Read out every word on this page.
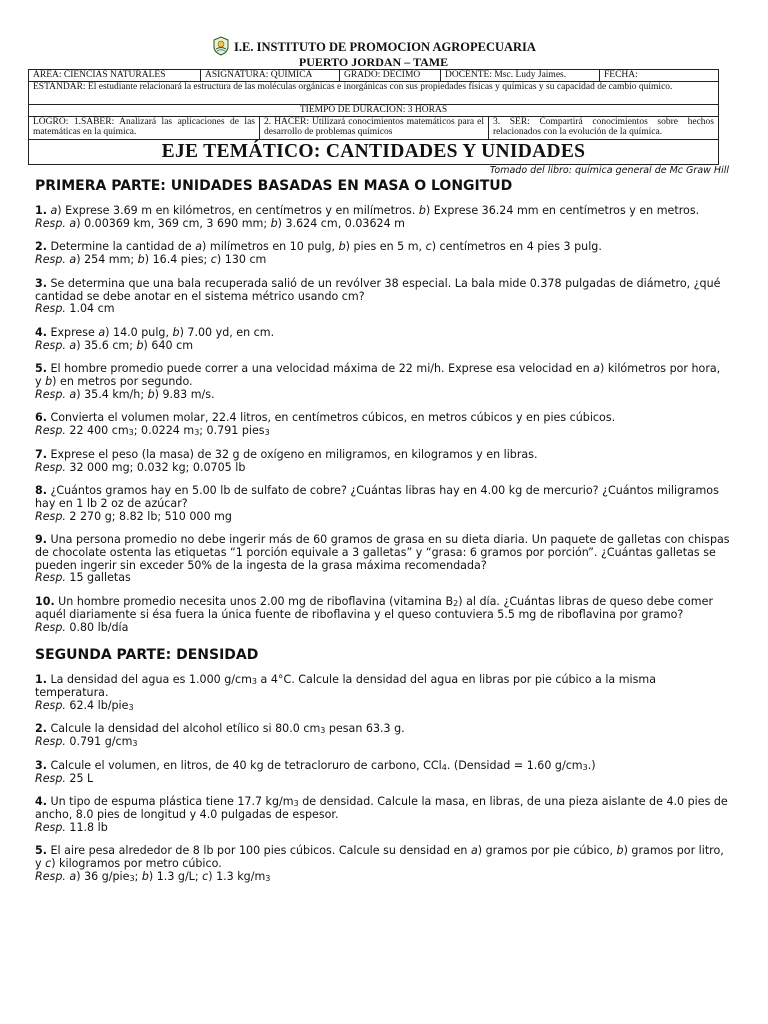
I.E. INSTITUTO DE PROMOCION AGROPECUARIA
PUERTO JORDAN – TAME
AREA: CIENCIAS NATURALES	ASIGNATURA: QUIMICA	GRADO: DECIMO	DOCENTE: Msc. Ludy Jaimes.	FECHA:
ESTANDAR: El estudiante relacionará la estructura de las moléculas orgánicas e inorgánicas con sus propiedades físicas y químicas y su capacidad de cambio químico.
TIEMPO DE DURACION: 3 HORAS
LOGRO: 1.SABER: Analizará las aplicaciones de las matemáticas en la química.	2. HACER: Utilizará conocimientos matemáticos para el desarrollo de problemas químicos	3. SER: Compartirá conocimientos sobre hechos relacionados con la evolución de la química.
EJE TEMÁTICO: CANTIDADES Y UNIDADES
Tomado del libro: química general de Mc Graw Hill
PRIMERA PARTE: UNIDADES BASADAS EN MASA O LONGITUD
1. a) Exprese 3.69 m en kilómetros, en centímetros y en milímetros. b) Exprese 36.24 mm en centímetros y en metros.
Resp. a) 0.00369 km, 369 cm, 3 690 mm; b) 3.624 cm, 0.03624 m
2. Determine la cantidad de a) milímetros en 10 pulg, b) pies en 5 m, c) centímetros en 4 pies 3 pulg.
Resp. a) 254 mm; b) 16.4 pies; c) 130 cm
3. Se determina que una bala recuperada salió de un revólver 38 especial. La bala mide 0.378 pulgadas de diámetro, ¿qué cantidad se debe anotar en el sistema métrico usando cm?
Resp. 1.04 cm
4. Exprese a) 14.0 pulg, b) 7.00 yd, en cm.
Resp. a) 35.6 cm; b) 640 cm
5. El hombre promedio puede correr a una velocidad máxima de 22 mi/h. Exprese esa velocidad en a) kilómetros por hora, y b) en metros por segundo.
Resp. a) 35.4 km/h; b) 9.83 m/s.
6. Convierta el volumen molar, 22.4 litros, en centímetros cúbicos, en metros cúbicos y en pies cúbicos.
Resp. 22 400 $cm_3$; 0.0224 $m_3$; 0.791 pies$_3$
7. Exprese el peso (la masa) de 32 g de oxígeno en miligramos, en kilogramos y en libras.
Resp. 32 000 mg; 0.032 kg; 0.0705 lb
8. ¿Cuántos gramos hay en 5.00 lb de sulfato de cobre? ¿Cuántas libras hay en 4.00 kg de mercurio? ¿Cuántos miligramos hay en 1 lb 2 oz de azúcar?
Resp. 2 270 g; 8.82 lb; 510 000 mg
9. Una persona promedio no debe ingerir más de 60 gramos de grasa en su dieta diaria. Un paquete de galletas con chispas de chocolate ostenta las etiquetas “1 porción equivale a 3 galletas” y “grasa: 6 gramos por porción”. ¿Cuántas galletas se pueden ingerir sin exceder 50% de la ingesta de la grasa máxima recomendada?
Resp. 15 galletas
10. Un hombre promedio necesita unos 2.00 mg de riboflavina (vitamina $B_2$) al día. ¿Cuántas libras de queso debe comer aquél diariamente si ésa fuera la única fuente de riboflavina y el queso contuviera 5.5 mg de riboflavina por gramo?
Resp. 0.80 lb/día
SEGUNDA PARTE: DENSIDAD
1. La densidad del agua es 1.000 $g/cm_3$ a 4°C. Calcule la densidad del agua en libras por pie cúbico a la misma temperatura.
Resp. 62.4 lb/pie$_3$
2. Calcule la densidad del alcohol etílico si 80.0 $cm_3$ pesan 63.3 g.
Resp. 0.791 $g/cm_3$
3. Calcule el volumen, en litros, de 40 kg de tetracloruro de carbono, CCl$_4$. (Densidad = 1.60 $g/cm_3$.)
Resp. 25 L
4. Un tipo de espuma plástica tiene 17.7 $kg/m_3$ de densidad. Calcule la masa, en libras, de una pieza aislante de 4.0 pies de ancho, 8.0 pies de longitud y 4.0 pulgadas de espesor.
Resp. 11.8 lb
5. El aire pesa alrededor de 8 lb por 100 pies cúbicos. Calcule su densidad en a) gramos por pie cúbico, b) gramos por litro, y c) kilogramos por metro cúbico.
Resp. a) 36 g/pie$_3$; b) 1.3 g/L; c) 1.3 $kg/m_3$
